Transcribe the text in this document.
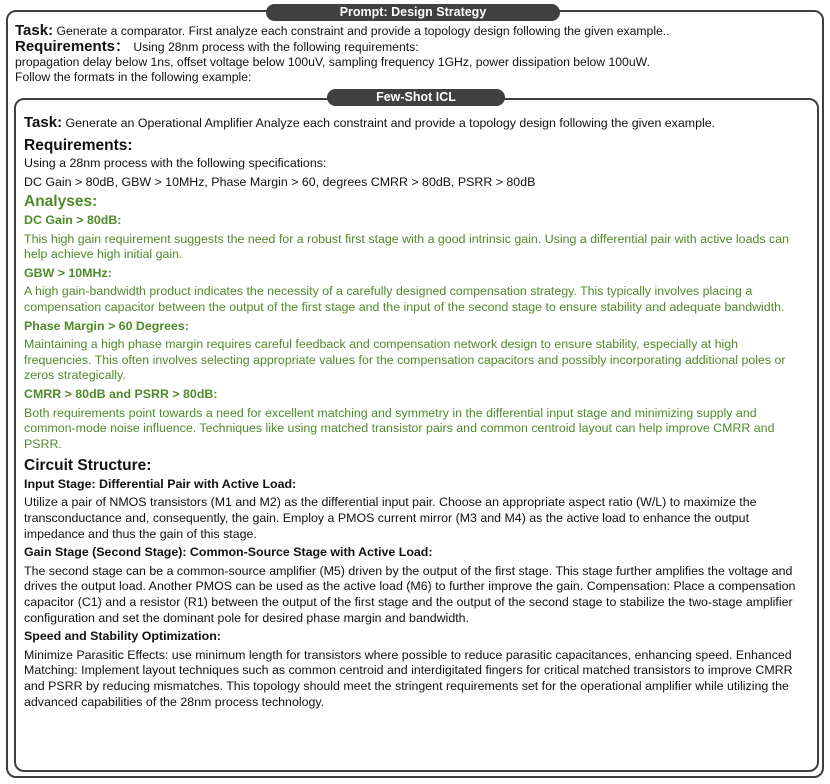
Prompt: Design Strategy

Task: Generate a comparator. First analyze each constraint and provide a topology design following the given example..

Requirements： Using 28nm process with the following requirements:

propagation delay below 1ns, offset voltage below 100uV, sampling frequency 1GHz, power dissipation below 100uW.

Follow the formats in the following example:

Few-Shot ICL

Task: Generate an Operational Amplifier Analyze each constraint and provide a topology design following the given example.

Requirements:

Using a 28nm process with the following specifications:

DC Gain > 80dB, GBW > 10MHz, Phase Margin > 60, degrees CMRR > 80dB, PSRR > 80dB

Analyses:

DC Gain > 80dB:

This high gain requirement suggests the need for a robust first stage with a good intrinsic gain. Using a differential pair with active loads can help achieve high initial gain.

GBW > 10MHz:

A high gain-bandwidth product indicates the necessity of a carefully designed compensation strategy. This typically involves placing a compensation capacitor between the output of the first stage and the input of the second stage to ensure stability and adequate bandwidth.

Phase Margin > 60 Degrees:

Maintaining a high phase margin requires careful feedback and compensation network design to ensure stability, especially at high frequencies. This often involves selecting appropriate values for the compensation capacitors and possibly incorporating additional poles or zeros strategically.

CMRR > 80dB and PSRR > 80dB:

Both requirements point towards a need for excellent matching and symmetry in the differential input stage and minimizing supply and common-mode noise influence. Techniques like using matched transistor pairs and common centroid layout can help improve CMRR and PSRR.

Circuit Structure:

Input Stage: Differential Pair with Active Load:

Utilize a pair of NMOS transistors (M1 and M2) as the differential input pair. Choose an appropriate aspect ratio (W/L) to maximize the transconductance and, consequently, the gain. Employ a PMOS current mirror (M3 and M4) as the active load to enhance the output impedance and thus the gain of this stage.

Gain Stage (Second Stage): Common-Source Stage with Active Load:

The second stage can be a common-source amplifier (M5) driven by the output of the first stage. This stage further amplifies the voltage and drives the output load. Another PMOS can be used as the active load (M6) to further improve the gain. Compensation: Place a compensation capacitor (C1) and a resistor (R1) between the output of the first stage and the output of the second stage to stabilize the two-stage amplifier configuration and set the dominant pole for desired phase margin and bandwidth.

Speed and Stability Optimization:

Minimize Parasitic Effects: use minimum length for transistors where possible to reduce parasitic capacitances, enhancing speed. Enhanced Matching: Implement layout techniques such as common centroid and interdigitated fingers for critical matched transistors to improve CMRR and PSRR by reducing mismatches. This topology should meet the stringent requirements set for the operational amplifier while utilizing the advanced capabilities of the 28nm process technology.
